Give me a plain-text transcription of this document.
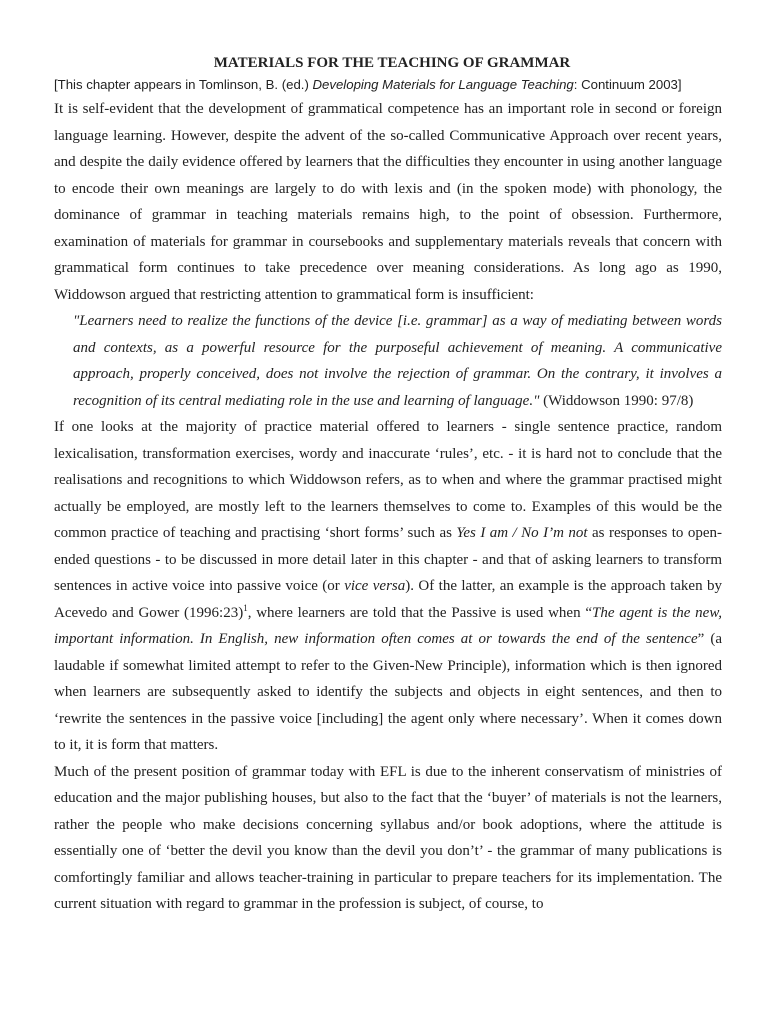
MATERIALS FOR THE TEACHING OF GRAMMAR
[This chapter appears in Tomlinson, B. (ed.) Developing Materials for Language Teaching: Continuum 2003]

It is self-evident that the development of grammatical competence has an important role in second or foreign language learning. However, despite the advent of the so-called Communicative Approach over recent years, and despite the daily evidence offered by learners that the difficulties they encounter in using another language to encode their own meanings are largely to do with lexis and (in the spoken mode) with phonology, the dominance of grammar in teaching materials remains high, to the point of obsession. Furthermore, examination of materials for grammar in coursebooks and supplementary materials reveals that concern with grammatical form continues to take precedence over meaning considerations. As long ago as 1990, Widdowson argued that restricting attention to grammatical form is insufficient:

"Learners need to realize the functions of the device [i.e. grammar] as a way of mediating between words and contexts, as a powerful resource for the purposeful achievement of meaning. A communicative approach, properly conceived, does not involve the rejection of grammar. On the contrary, it involves a recognition of its central mediating role in the use and learning of language." (Widdowson 1990: 97/8)

If one looks at the majority of practice material offered to learners - single sentence practice, random lexicalisation, transformation exercises, wordy and inaccurate ‘rules’, etc. - it is hard not to conclude that the realisations and recognitions to which Widdowson refers, as to when and where the grammar practised might actually be employed, are mostly left to the learners themselves to come to. Examples of this would be the common practice of teaching and practising ‘short forms’ such as Yes I am / No I’m not as responses to open-ended questions - to be discussed in more detail later in this chapter - and that of asking learners to transform sentences in active voice into passive voice (or vice versa). Of the latter, an example is the approach taken by Acevedo and Gower (1996:23)$^1$, where learners are told that the Passive is used when “The agent is the new, important information. In English, new information often comes at or towards the end of the sentence” (a laudable if somewhat limited attempt to refer to the Given-New Principle), information which is then ignored when learners are subsequently asked to identify the subjects and objects in eight sentences, and then to ‘rewrite the sentences in the passive voice [including] the agent only where necessary’. When it comes down to it, it is form that matters.

Much of the present position of grammar today with EFL is due to the inherent conservatism of ministries of education and the major publishing houses, but also to the fact that the ‘buyer’ of materials is not the learners, rather the people who make decisions concerning syllabus and/or book adoptions, where the attitude is essentially one of ‘better the devil you know than the devil you don’t’ - the grammar of many publications is comfortingly familiar and allows teacher-training in particular to prepare teachers for its implementation. The current situation with regard to grammar in the profession is subject, of course, to
